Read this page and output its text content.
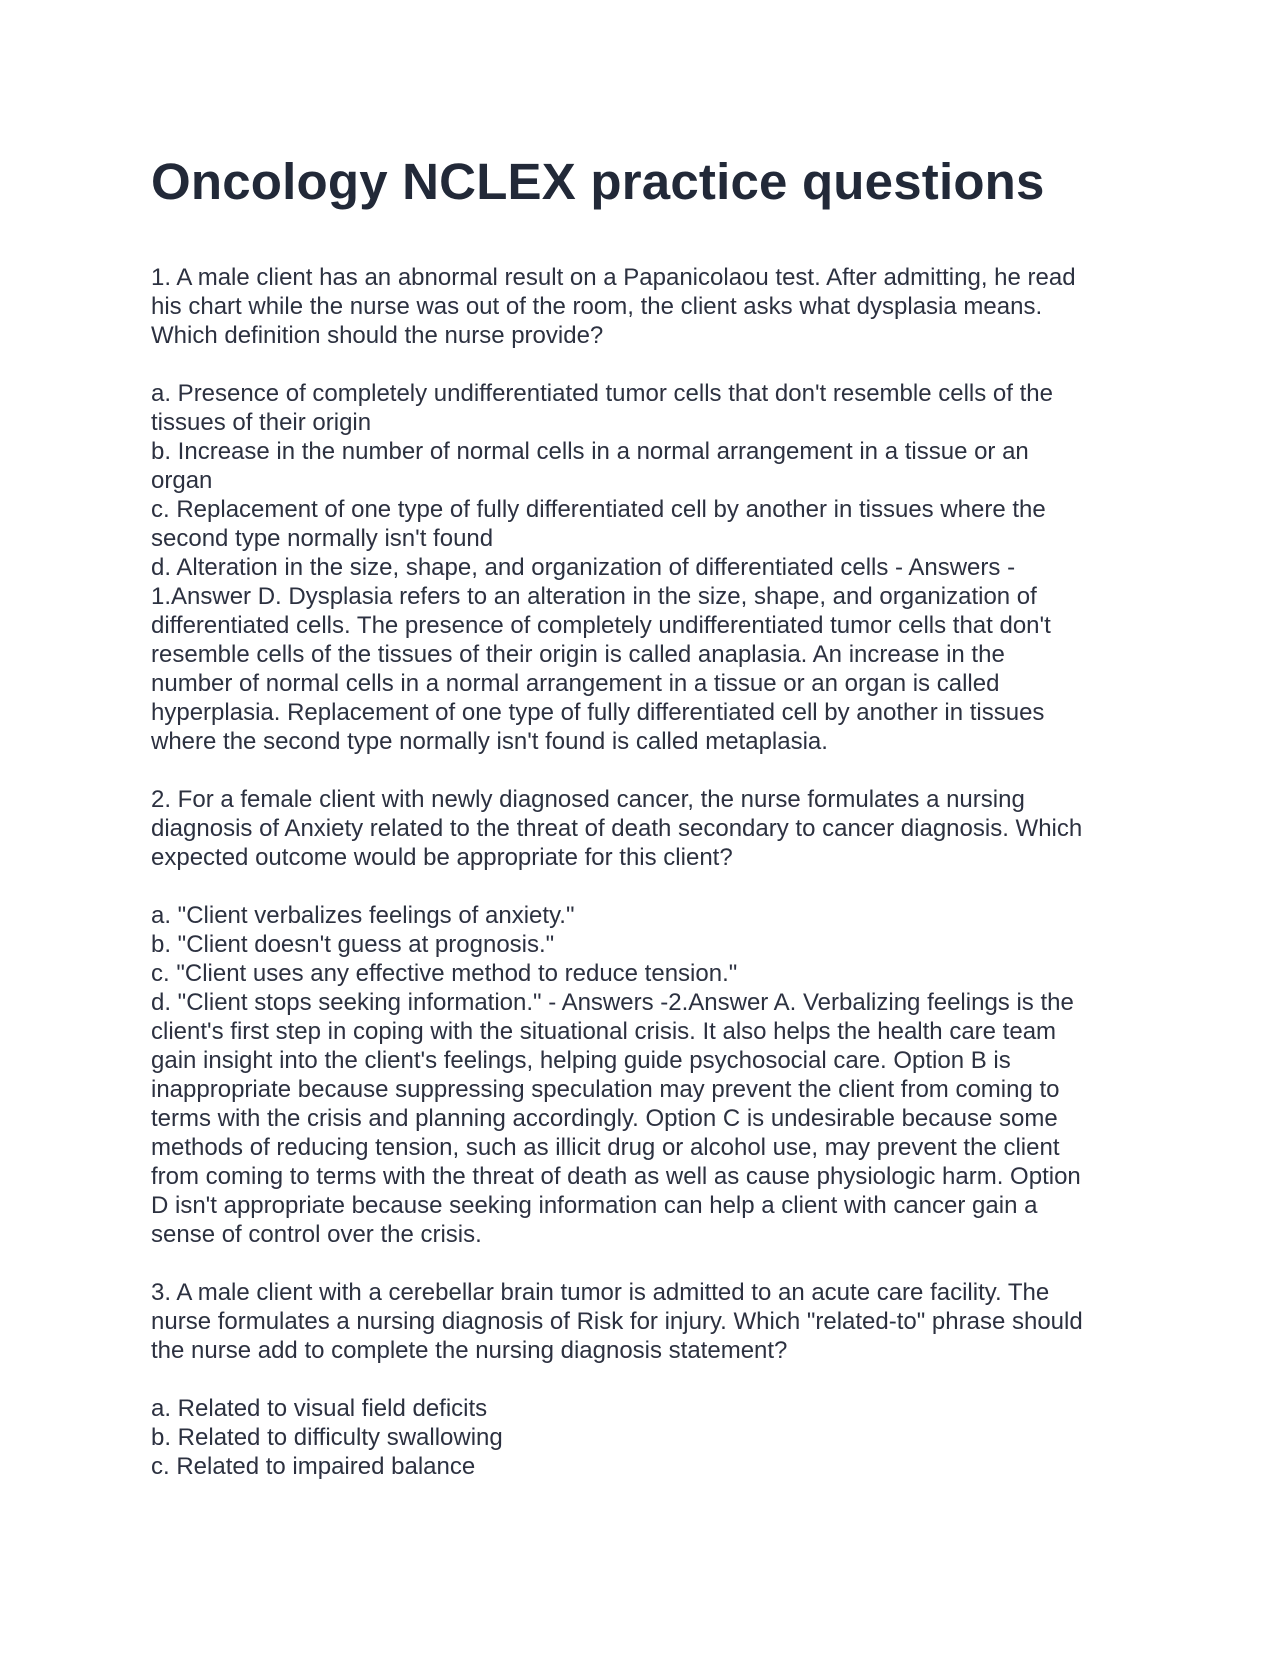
Oncology NCLEX practice questions

1. A male client has an abnormal result on a Papanicolaou test. After admitting, he read

his chart while the nurse was out of the room, the client asks what dysplasia means.

Which definition should the nurse provide?

a. Presence of completely undifferentiated tumor cells that don't resemble cells of the

tissues of their origin

b. Increase in the number of normal cells in a normal arrangement in a tissue or an

organ

c. Replacement of one type of fully differentiated cell by another in tissues where the

second type normally isn't found

d. Alteration in the size, shape, and organization of differentiated cells - Answers -

1.Answer D. Dysplasia refers to an alteration in the size, shape, and organization of

differentiated cells. The presence of completely undifferentiated tumor cells that don't

resemble cells of the tissues of their origin is called anaplasia. An increase in the

number of normal cells in a normal arrangement in a tissue or an organ is called

hyperplasia. Replacement of one type of fully differentiated cell by another in tissues

where the second type normally isn't found is called metaplasia.

2. For a female client with newly diagnosed cancer, the nurse formulates a nursing

diagnosis of Anxiety related to the threat of death secondary to cancer diagnosis. Which

expected outcome would be appropriate for this client?

a. "Client verbalizes feelings of anxiety."

b. "Client doesn't guess at prognosis."

c. "Client uses any effective method to reduce tension."

d. "Client stops seeking information." - Answers -2.Answer A. Verbalizing feelings is the

client's first step in coping with the situational crisis. It also helps the health care team

gain insight into the client's feelings, helping guide psychosocial care. Option B is

inappropriate because suppressing speculation may prevent the client from coming to

terms with the crisis and planning accordingly. Option C is undesirable because some

methods of reducing tension, such as illicit drug or alcohol use, may prevent the client

from coming to terms with the threat of death as well as cause physiologic harm. Option

D isn't appropriate because seeking information can help a client with cancer gain a

sense of control over the crisis.

3. A male client with a cerebellar brain tumor is admitted to an acute care facility. The

nurse formulates a nursing diagnosis of Risk for injury. Which "related-to" phrase should

the nurse add to complete the nursing diagnosis statement?

a. Related to visual field deficits

b. Related to difficulty swallowing

c. Related to impaired balance
